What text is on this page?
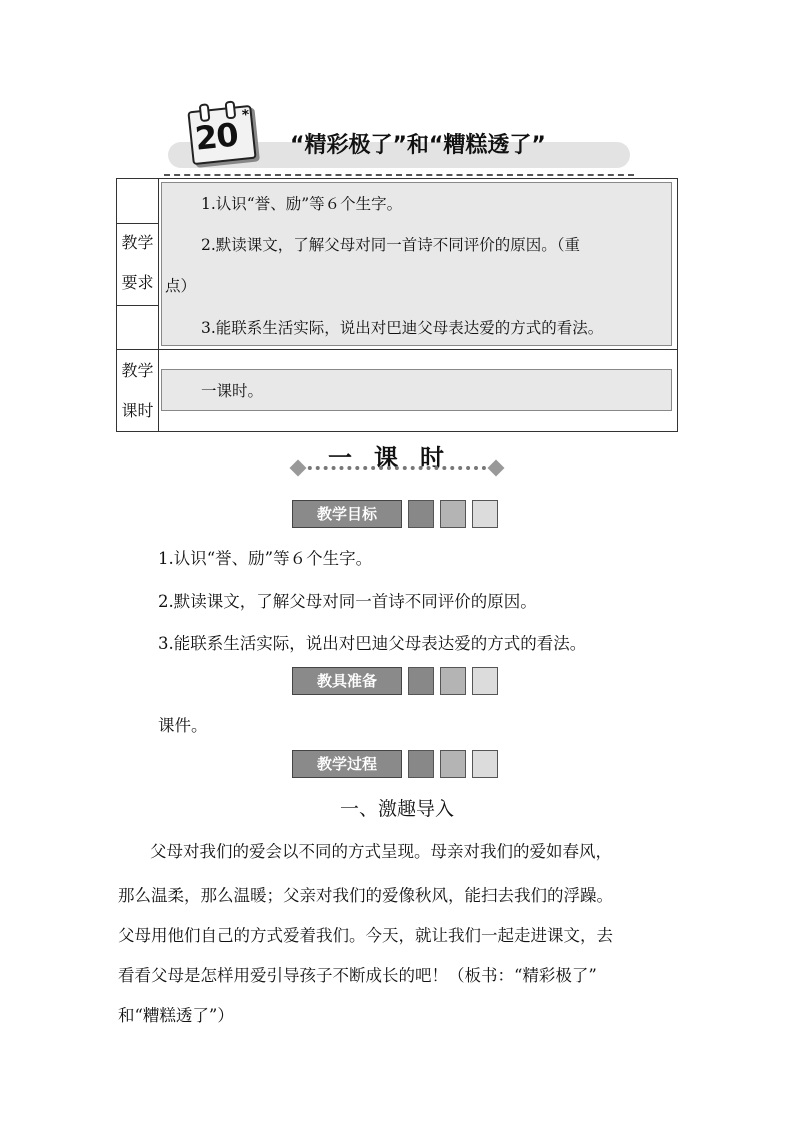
20
*
“精彩极了”和“糟糕透了”
教学
要求
1.认识“誉、励”等６个生字。
2.默读课文，了解父母对同一首诗不同评价的原因。（重
点）
3.能联系生活实际，说出对巴迪父母表达爱的方式的看法。
教学
课时
一课时。
一课时
教学目标
1.认识“誉、励”等６个生字。
2.默读课文，了解父母对同一首诗不同评价的原因。
3.能联系生活实际，说出对巴迪父母表达爱的方式的看法。
教具准备
课件。
教学过程
一、激趣导入
父母对我们的爱会以不同的方式呈现。母亲对我们的爱如春风，
那么温柔，那么温暖；父亲对我们的爱像秋风，能扫去我们的浮躁。
父母用他们自己的方式爱着我们。今天，就让我们一起走进课文，去
看看父母是怎样用爱引导孩子不断成长的吧！（板书：“精彩极了”
和“糟糕透了”）
